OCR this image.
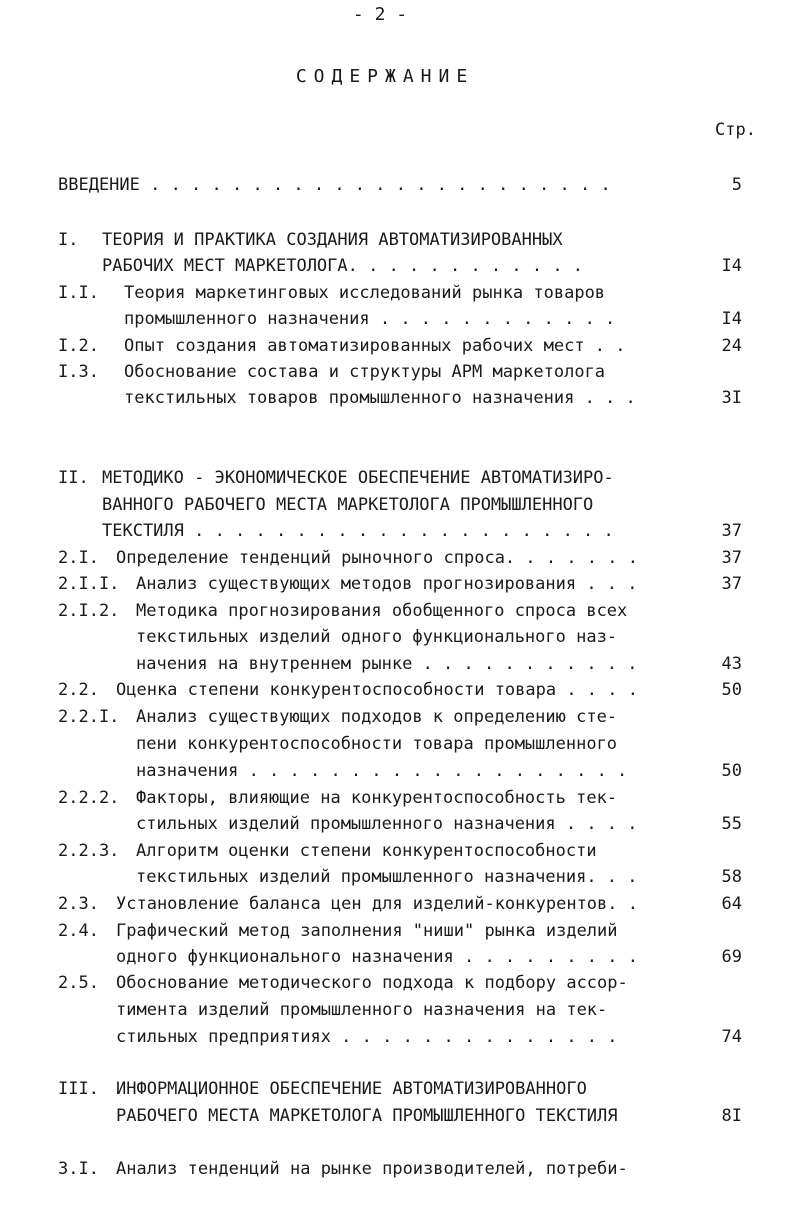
- 2 -
СОДЕРЖАНИЕ
Стр.
ВВЕДЕНИЕ . . . . . . . . . . . . . . . . . . . . . . .	5
I. ТЕОРИЯ И ПРАКТИКА СОЗДАНИЯ АВТОМАТИЗИРОВАННЫХ
РАБОЧИХ МЕСТ МАРКЕТОЛОГА. . . . . . . . . . . .	I4
I.I. Теория маркетинговых исследований рынка товаров
промышленного назначения . . . . . . . . . . . .	I4
I.2. Опыт создания автоматизированных рабочих мест . .	24
I.3. Обоснование состава и структуры АРМ маркетолога
текстильных товаров промышленного назначения . . .	3I
II. МЕТОДИКО - ЭКОНОМИЧЕСКОЕ ОБЕСПЕЧЕНИЕ АВТОМАТИЗИРО-
ВАННОГО РАБОЧЕГО МЕСТА МАРКЕТОЛОГА ПРОМЫШЛЕННОГО
ТЕКСТИЛЯ . . . . . . . . . . . . . . . . . . . . .	37
2.I. Определение тенденций рыночного спроса. . . . . . .	37
2.I.I. Анализ существующих методов прогнозирования . . .	37
2.I.2. Методика прогнозирования обобщенного спроса всех
текстильных изделий одного функционального наз-
начения на внутреннем рынке . . . . . . . . . . .	43
2.2. Оценка степени конкурентоспособности товара . . . .	50
2.2.I. Анализ существующих подходов к определению сте-
пени конкурентоспособности товара промышленного
назначения . . . . . . . . . . . . . . . . . . .	50
2.2.2. Факторы, влияющие на конкурентоспособность тек-
стильных изделий промышленного назначения . . . .	55
2.2.3. Алгоритм оценки степени конкурентоспособности
текстильных изделий промышленного назначения. . .	58
2.3. Установление баланса цен для изделий-конкурентов. .	64
2.4. Графический метод заполнения "ниши" рынка изделий
одного функционального назначения . . . . . . . . .	69
2.5. Обоснование методического подхода к подбору ассор-
тимента изделий промышленного назначения на тек-
стильных предприятиях . . . . . . . . . . . . . .	74
III. ИНФОРМАЦИОННОЕ ОБЕСПЕЧЕНИЕ АВТОМАТИЗИРОВАННОГО
РАБОЧЕГО МЕСТА МАРКЕТОЛОГА ПРОМЫШЛЕННОГО ТЕКСТИЛЯ	8I
3.I. Анализ тенденций на рынке производителей, потреби-
